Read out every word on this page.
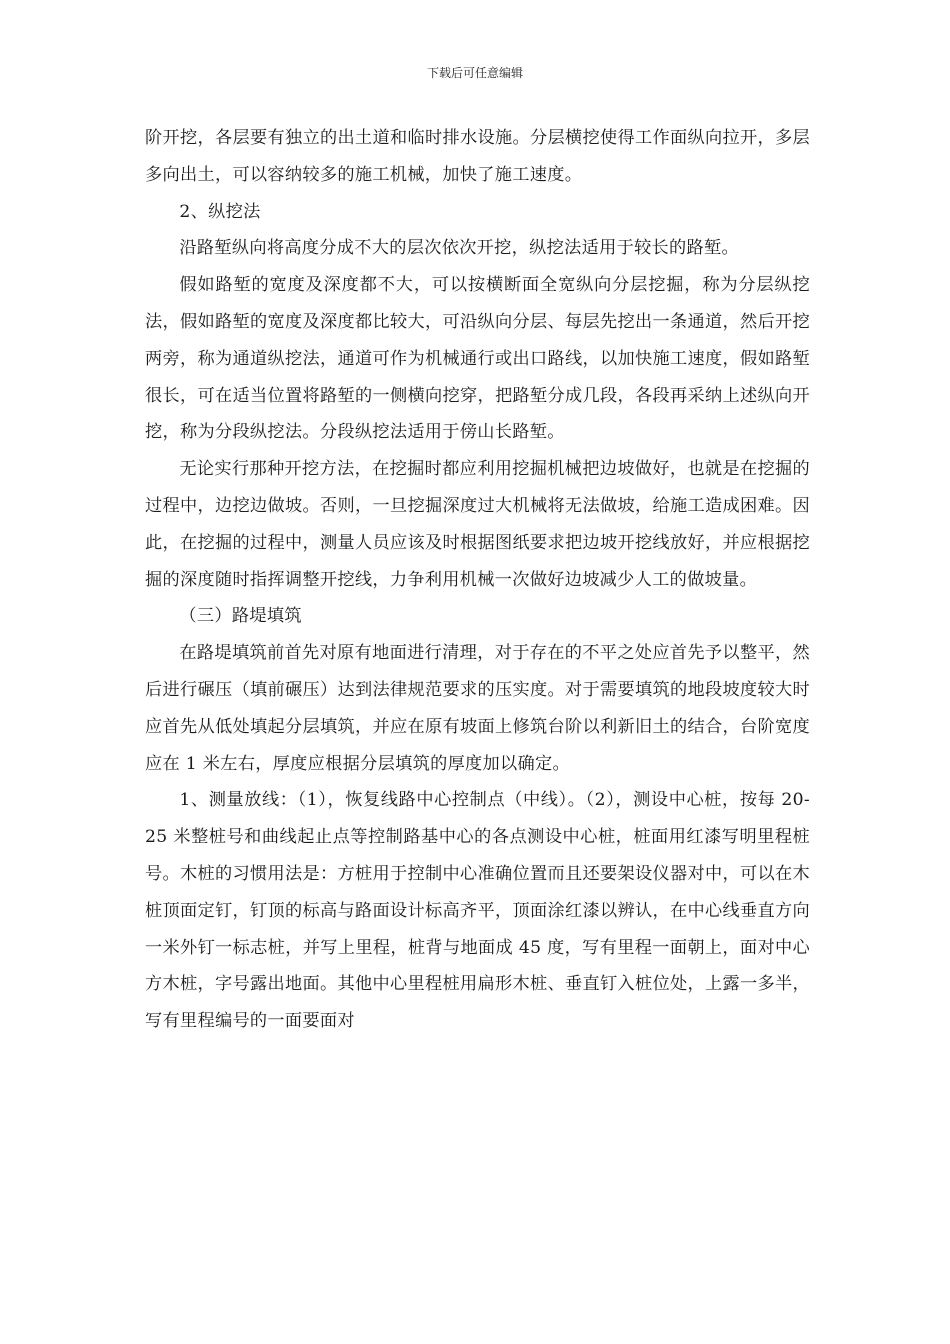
下载后可任意编辑

阶开挖，各层要有独立的出土道和临时排水设施。分层横挖使得工作面纵向拉开，多层多向出土，可以容纳较多的施工机械，加快了施工速度。

2、纵挖法

沿路堑纵向将高度分成不大的层次依次开挖，纵挖法适用于较长的路堑。

假如路堑的宽度及深度都不大，可以按横断面全宽纵向分层挖掘，称为分层纵挖法，假如路堑的宽度及深度都比较大，可沿纵向分层、每层先挖出一条通道，然后开挖两旁，称为通道纵挖法，通道可作为机械通行或出口路线，以加快施工速度，假如路堑很长，可在适当位置将路堑的一侧横向挖穿，把路堑分成几段，各段再采纳上述纵向开挖，称为分段纵挖法。分段纵挖法适用于傍山长路堑。

无论实行那种开挖方法，在挖掘时都应利用挖掘机械把边坡做好，也就是在挖掘的过程中，边挖边做坡。否则，一旦挖掘深度过大机械将无法做坡，给施工造成困难。因此，在挖掘的过程中，测量人员应该及时根据图纸要求把边坡开挖线放好，并应根据挖掘的深度随时指挥调整开挖线，力争利用机械一次做好边坡减少人工的做坡量。

（三）路堤填筑

在路堤填筑前首先对原有地面进行清理，对于存在的不平之处应首先予以整平，然后进行碾压（填前碾压）达到法律规范要求的压实度。对于需要填筑的地段坡度较大时应首先从低处填起分层填筑，并应在原有坡面上修筑台阶以利新旧土的结合，台阶宽度应在 1 米左右，厚度应根据分层填筑的厚度加以确定。

1、测量放线：（1），恢复线路中心控制点（中线）。（2），测设中心桩，按每 20-25 米整桩号和曲线起止点等控制路基中心的各点测设中心桩，桩面用红漆写明里程桩号。木桩的习惯用法是：方桩用于控制中心准确位置而且还要架设仪器对中，可以在木桩顶面定钉，钉顶的标高与路面设计标高齐平，顶面涂红漆以辨认，在中心线垂直方向一米外钉一标志桩，并写上里程，桩背与地面成 45 度，写有里程一面朝上，面对中心方木桩，字号露出地面。其他中心里程桩用扁形木桩、垂直钉入桩位处，上露一多半，写有里程编号的一面要面对
